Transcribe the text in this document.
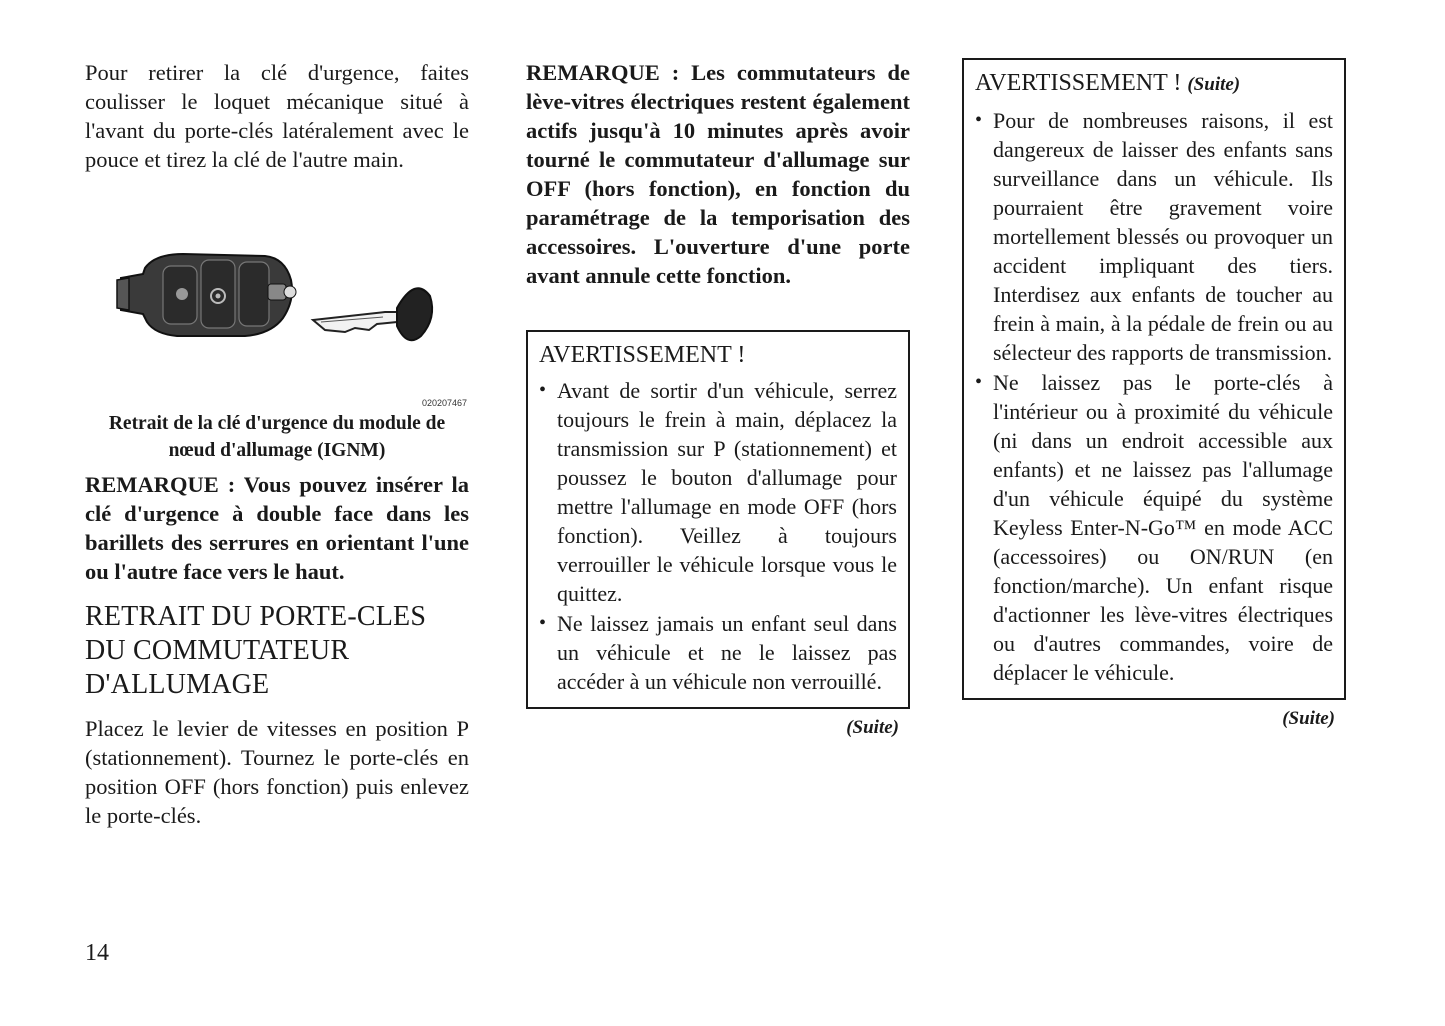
Pour retirer la clé d'urgence, faites coulisser le loquet mécanique situé à l'avant du porte-clés latéralement avec le pouce et tirez la clé de l'autre main.

020207467

Retrait de la clé d'urgence du module de nœud d'allumage (IGNM)

REMARQUE : Vous pouvez insérer la clé d'urgence à double face dans les barillets des serrures en orientant l'une ou l'autre face vers le haut.

RETRAIT DU PORTE-CLES DU COMMUTATEUR D'ALLUMAGE

Placez le levier de vitesses en position P (stationnement). Tournez le porte-clés en position OFF (hors fonction) puis enlevez le porte-clés.

REMARQUE : Les commutateurs de lève-vitres électriques restent également actifs jusqu'à 10 minutes après avoir tourné le commutateur d'allumage sur OFF (hors fonction), en fonction du paramétrage de la temporisation des accessoires. L'ouverture d'une porte avant annule cette fonction.

AVERTISSEMENT !
• Avant de sortir d'un véhicule, serrez toujours le frein à main, déplacez la transmission sur P (stationnement) et poussez le bouton d'allumage pour mettre l'allumage en mode OFF (hors fonction). Veillez à toujours verrouiller le véhicule lorsque vous le quittez.
• Ne laissez jamais un enfant seul dans un véhicule et ne le laissez pas accéder à un véhicule non verrouillé.
(Suite)
AVERTISSEMENT ! (Suite)
• Pour de nombreuses raisons, il est dangereux de laisser des enfants sans surveillance dans un véhicule. Ils pourraient être gravement voire mortellement blessés ou provoquer un accident impliquant des tiers. Interdisez aux enfants de toucher au frein à main, à la pédale de frein ou au sélecteur des rapports de transmission.
• Ne laissez pas le porte-clés à l'intérieur ou à proximité du véhicule (ni dans un endroit accessible aux enfants) et ne laissez pas l'allumage d'un véhicule équipé du système Keyless Enter-N-Go™ en mode ACC (accessoires) ou ON/RUN (en fonction/marche). Un enfant risque d'actionner les lève-vitres électriques ou d'autres commandes, voire de déplacer le véhicule.
(Suite)
14
